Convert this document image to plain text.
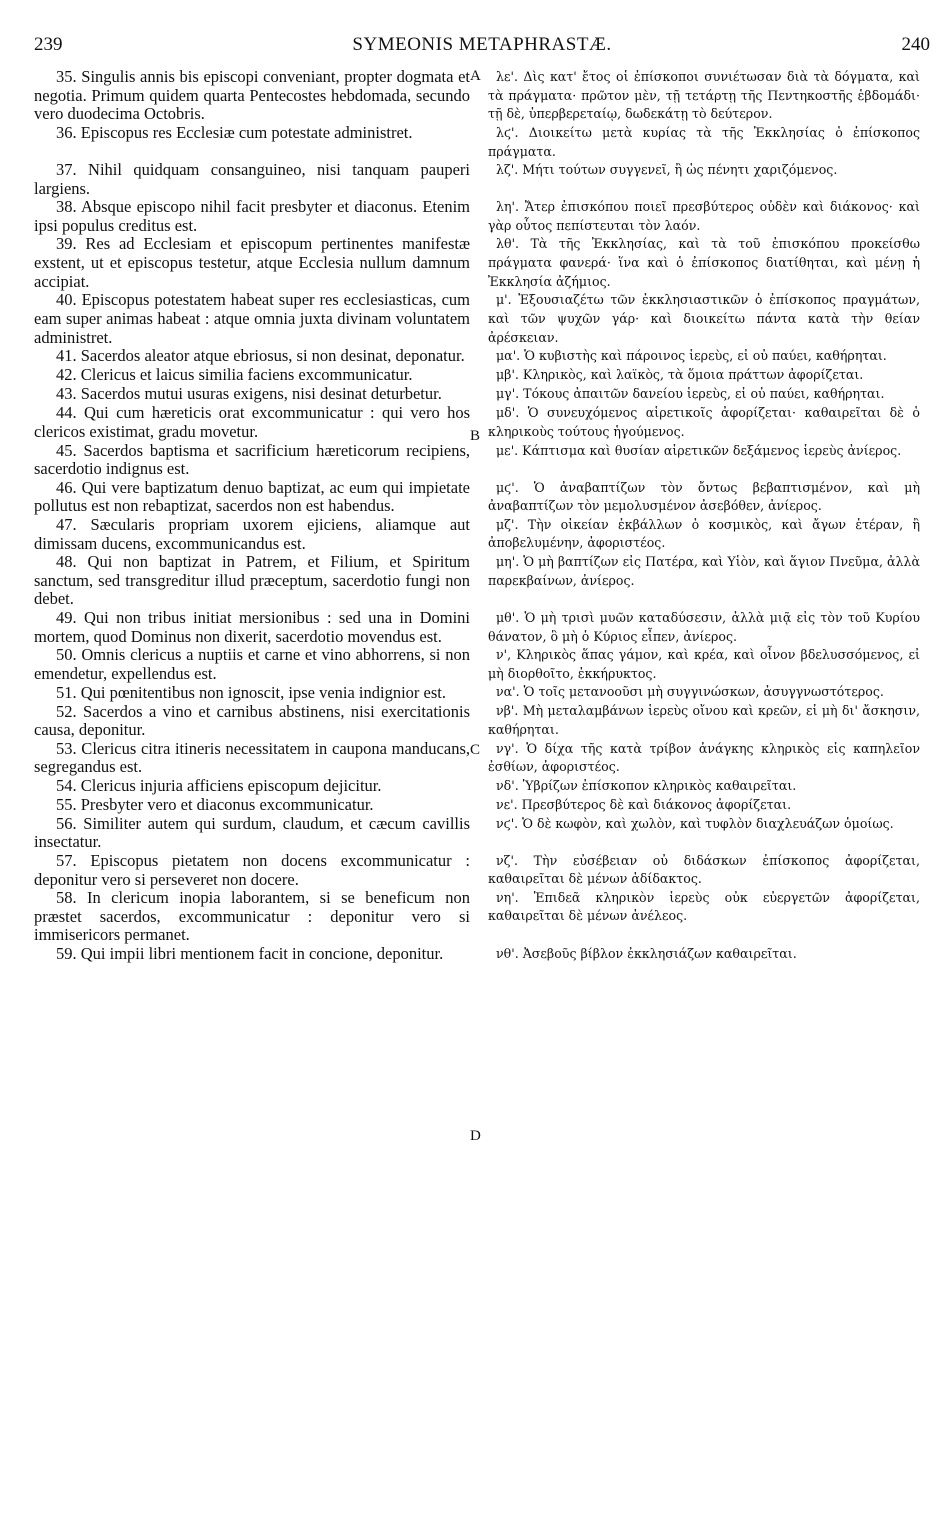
239	SYMEONIS METAPHRASTÆ.	240

35. Singulis annis bis episcopi conveniant, propter dogmata et negotia. Primum quidem quarta Pentecostes hebdomada, secundo vero duodecima Octobris.

36. Episcopus res Ecclesiæ cum potestate administret.

37. Nihil quidquam consanguineo, nisi tanquam pauperi largiens.

38. Absque episcopo nihil facit presbyter et diaconus. Etenim ipsi populus creditus est.

39. Res ad Ecclesiam et episcopum pertinentes manifestæ exstent, ut et episcopus testetur, atque Ecclesia nullum damnum accipiat.

40. Episcopus potestatem habeat super res ecclesiasticas, cum eam super animas habeat : atque omnia juxta divinam voluntatem administret.

41. Sacerdos aleator atque ebriosus, si non desinat, deponatur.

42. Clericus et laicus similia faciens excommunicatur.

43. Sacerdos mutui usuras exigens, nisi desinat deturbetur.

44. Qui cum hæreticis orat excommunicatur : qui vero hos clericos existimat, gradu movetur.

45. Sacerdos baptisma et sacrificium hæreticorum recipiens, sacerdotio indignus est.

46. Qui vere baptizatum denuo baptizat, ac eum qui impietate pollutus est non rebaptizat, sacerdos non est habendus.

47. Sæcularis propriam uxorem ejiciens, aliamque aut dimissam ducens, excommunicandus est.

48. Qui non baptizat in Patrem, et Filium, et Spiritum sanctum, sed transgreditur illud præceptum, sacerdotio fungi non debet.

49. Qui non tribus initiat mersionibus : sed una in Domini mortem, quod Dominus non dixerit, sacerdotio movendus est.

50. Omnis clericus a nuptiis et carne et vino abhorrens, si non emendetur, expellendus est.

51. Qui pœnitentibus non ignoscit, ipse venia indignior est.

52. Sacerdos a vino et carnibus abstinens, nisi exercitationis causa, deponitur.

53. Clericus citra itineris necessitatem in caupona manducans, segregandus est.

54. Clericus injuria afficiens episcopum dejicitur.

55. Presbyter vero et diaconus excommunicatur.

56. Similiter autem qui surdum, claudum, et cæcum cavillis insectatur.

57. Episcopus pietatem non docens excommunicatur : deponitur vero si perseveret non docere.

58. In clericum inopia laborantem, si se beneficum non præstet sacerdos, excommunicatur : deponitur vero si immisericors permanet.

59. Qui impii libri mentionem facit in concione, deponitur.

λε'. Δὶς κατ' ἔτος οἱ ἐπίσκοποι συνιέτωσαν διὰ τὰ δόγματα, καὶ τὰ πράγματα· πρῶτον μὲν, τῇ τετάρτῃ τῆς Πεντηκοστῆς ἑβδομάδι· τῇ δὲ, ὑπερβερεταίῳ, δωδεκάτῃ τὸ δεύτερον.

λϛ'. Διοικείτω μετὰ κυρίας τὰ τῆς Ἐκκλησίας ὁ ἐπίσκοπος πράγματα.

λζ'. Μήτι τούτων συγγενεῖ, ἢ ὡς πένητι χαριζόμενος.

λη'. Ἄτερ ἐπισκόπου ποιεῖ πρεσβύτερος οὐδὲν καὶ διάκονος· καὶ γὰρ οὗτος πεπίστευται τὸν λαόν.

λθ'. Τὰ τῆς Ἐκκλησίας, καὶ τὰ τοῦ ἐπισκόπου προκείσθω πράγματα φανερά· ἵνα καὶ ὁ ἐπίσκοπος διατίθηται, καὶ μένῃ ἡ Ἐκκλησία ἀζήμιος.

μ'. Ἐξουσιαζέτω τῶν ἐκκλησιαστικῶν ὁ ἐπίσκοπος πραγμάτων, καὶ τῶν ψυχῶν γάρ· καὶ διοικείτω πάντα κατὰ τὴν θείαν ἀρέσκειαν.

μα'. Ὁ κυβιστὴς καὶ πάροινος ἱερεὺς, εἰ οὐ παύει, καθήρηται.

μβ'. Κληρικὸς, καὶ λαϊκὸς, τὰ ὅμοια πράττων ἀφορίζεται.

μγ'. Τόκους ἀπαιτῶν δανείου ἱερεὺς, εἰ οὐ παύει, καθήρηται.

μδ'. Ὁ συνευχόμενος αἱρετικοῖς ἀφορίζεται· καθαιρεῖται δὲ ὁ κληρικοὺς τούτους ἡγούμενος.

με'. Κάπτισμα καὶ θυσίαν αἱρετικῶν δεξάμενος ἱερεὺς ἀνίερος.

μϛ'. Ὁ ἀναβαπτίζων τὸν ὄντως βεβαπτισμένον, καὶ μὴ ἀναβαπτίζων τὸν μεμολυσμένον ἀσεβόθεν, ἀνίερος.

μζ'. Τὴν οἰκείαν ἐκβάλλων ὁ κοσμικὸς, καὶ ἄγων ἑτέραν, ἢ ἀποβελυμένην, ἀφοριστέος.

μη'. Ὁ μὴ βαπτίζων εἰς Πατέρα, καὶ Υἱὸν, καὶ ἅγιον Πνεῦμα, ἀλλὰ παρεκβαίνων, ἀνίερος.

μθ'. Ὁ μὴ τρισὶ μυῶν καταδύσεσιν, ἀλλὰ μιᾷ εἰς τὸν τοῦ Κυρίου θάνατον, ὃ μὴ ὁ Κύριος εἶπεν, ἀνίερος.

ν', Κληρικὸς ἅπας γάμον, καὶ κρέα, καὶ οἶνον βδελυσσόμενος, εἰ μὴ διορθοῖτο, ἐκκήρυκτος.

να'. Ὁ τοῖς μετανοοῦσι μὴ συγγινώσκων, ἀσυγγνωστότερος.

νβ'. Μὴ μεταλαμβάνων ἱερεὺς οἴνου καὶ κρεῶν, εἰ μὴ δι' ἄσκησιν, καθήρηται.

νγ'. Ὁ δίχα τῆς κατὰ τρίβον ἀνάγκης κληρικὸς εἰς καπηλεῖον ἐσθίων, ἀφοριστέος.

νδ'. Ὑβρίζων ἐπίσκοπον κληρικὸς καθαιρεῖται.

νε'. Πρεσβύτερος δὲ καὶ διάκονος ἀφορίζεται.

νϛ'. Ὁ δὲ κωφὸν, καὶ χωλὸν, καὶ τυφλὸν διαχλευάζων ὁμοίως.

νζ'. Τὴν εὐσέβειαν οὐ διδάσκων ἐπίσκοπος ἀφορίζεται, καθαιρεῖται δὲ μένων ἀδίδακτος.

νη'. Ἐπιδεᾶ κληρικὸν ἱερεὺς οὐκ εὐεργετῶν ἀφορίζεται, καθαιρεῖται δὲ μένων ἀνέλεος.

νθ'. Ἀσεβοῦς βίβλον ἐκκλησιάζων καθαιρεῖται.

A
B
C
D
